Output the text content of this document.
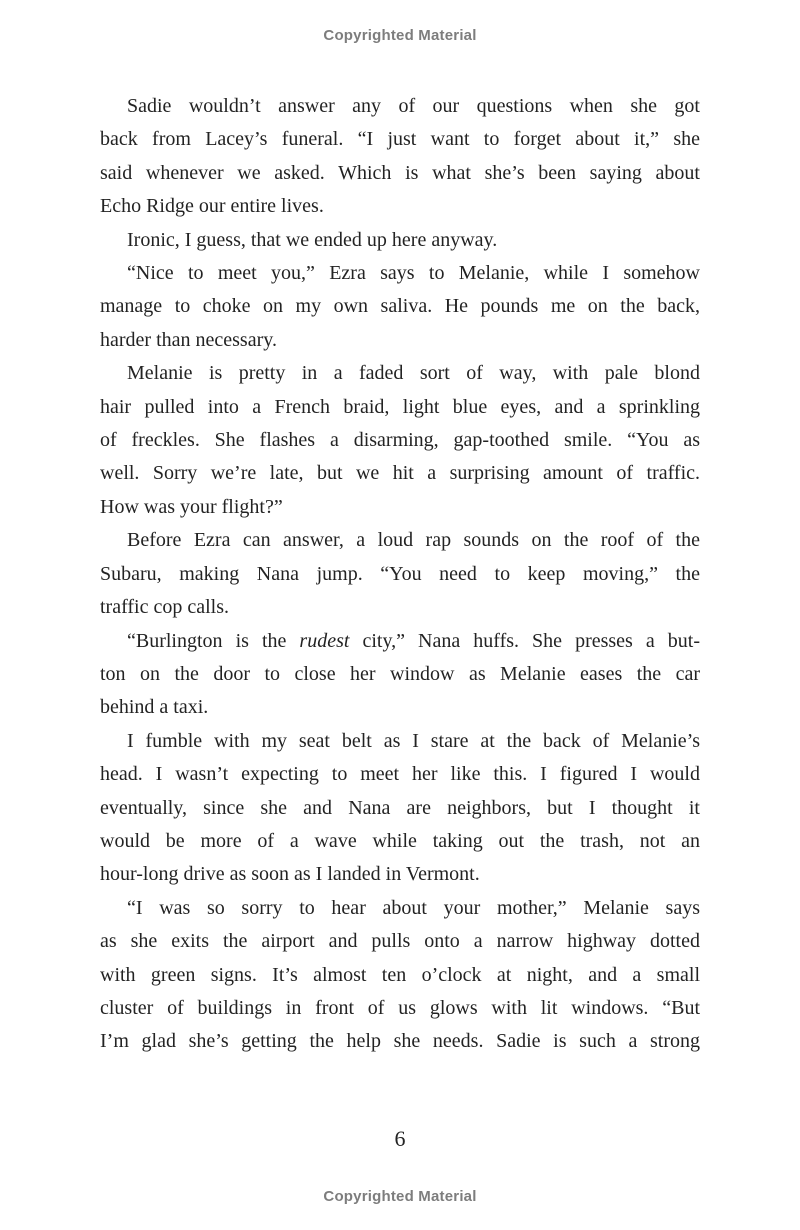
Copyrighted Material
Sadie wouldn’t answer any of our questions when she got
back from Lacey’s funeral. “I just want to forget about it,” she
said whenever we asked. Which is what she’s been saying about
Echo Ridge our entire lives.
Ironic, I guess, that we ended up here anyway.
“Nice to meet you,” Ezra says to Melanie, while I somehow
manage to choke on my own saliva. He pounds me on the back,
harder than necessary.
Melanie is pretty in a faded sort of way, with pale blond
hair pulled into a French braid, light blue eyes, and a sprinkling
of freckles. She flashes a disarming, gap-toothed smile. “You as
well. Sorry we’re late, but we hit a surprising amount of traffic.
How was your flight?”
Before Ezra can answer, a loud rap sounds on the roof of the
Subaru, making Nana jump. “You need to keep moving,” the
traffic cop calls.
“Burlington is the rudest city,” Nana huffs. She presses a but-
ton on the door to close her window as Melanie eases the car
behind a taxi.
I fumble with my seat belt as I stare at the back of Melanie’s
head. I wasn’t expecting to meet her like this. I figured I would
eventually, since she and Nana are neighbors, but I thought it
would be more of a wave while taking out the trash, not an
hour-long drive as soon as I landed in Vermont.
“I was so sorry to hear about your mother,” Melanie says
as she exits the airport and pulls onto a narrow highway dotted
with green signs. It’s almost ten o’clock at night, and a small
cluster of buildings in front of us glows with lit windows. “But
I’m glad she’s getting the help she needs. Sadie is such a strong
6
Copyrighted Material
